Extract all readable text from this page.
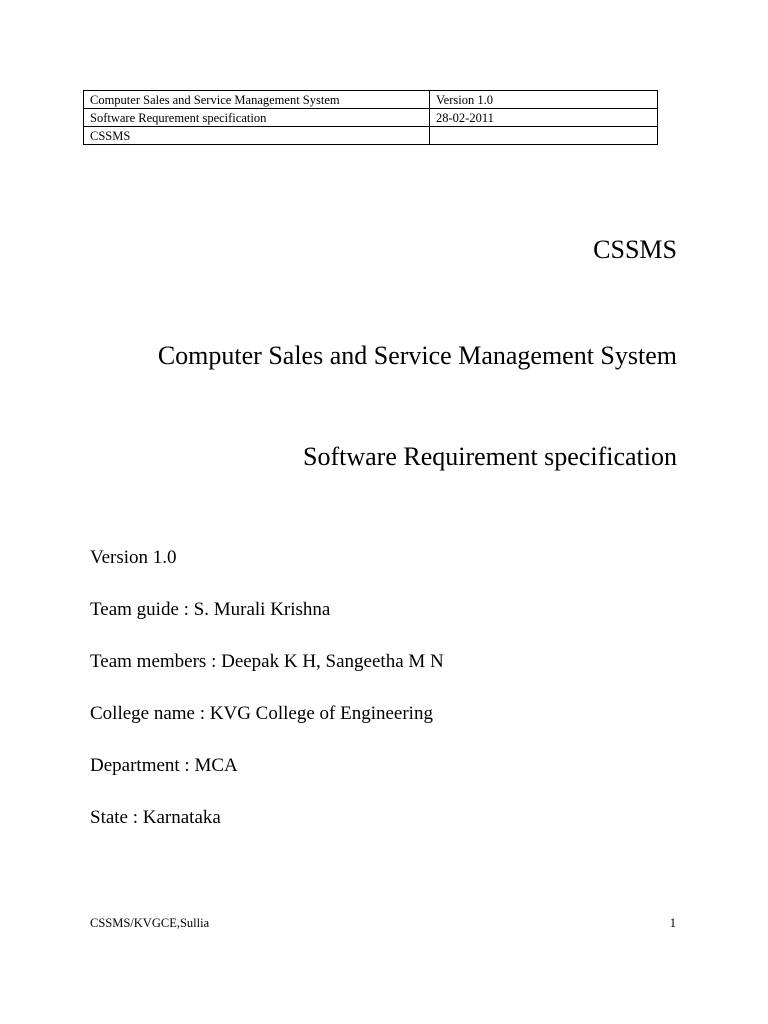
Computer Sales and Service Management System	Version 1.0
Software Requrement specification	28-02-2011
CSSMS	
CSSMS
Computer Sales and Service Management System
Software Requirement specification
Version 1.0
Team guide : S. Murali Krishna
Team members : Deepak K H, Sangeetha M N
College name : KVG College of Engineering
Department : MCA
State : Karnataka
CSSMS/KVGCE,Sullia	1
